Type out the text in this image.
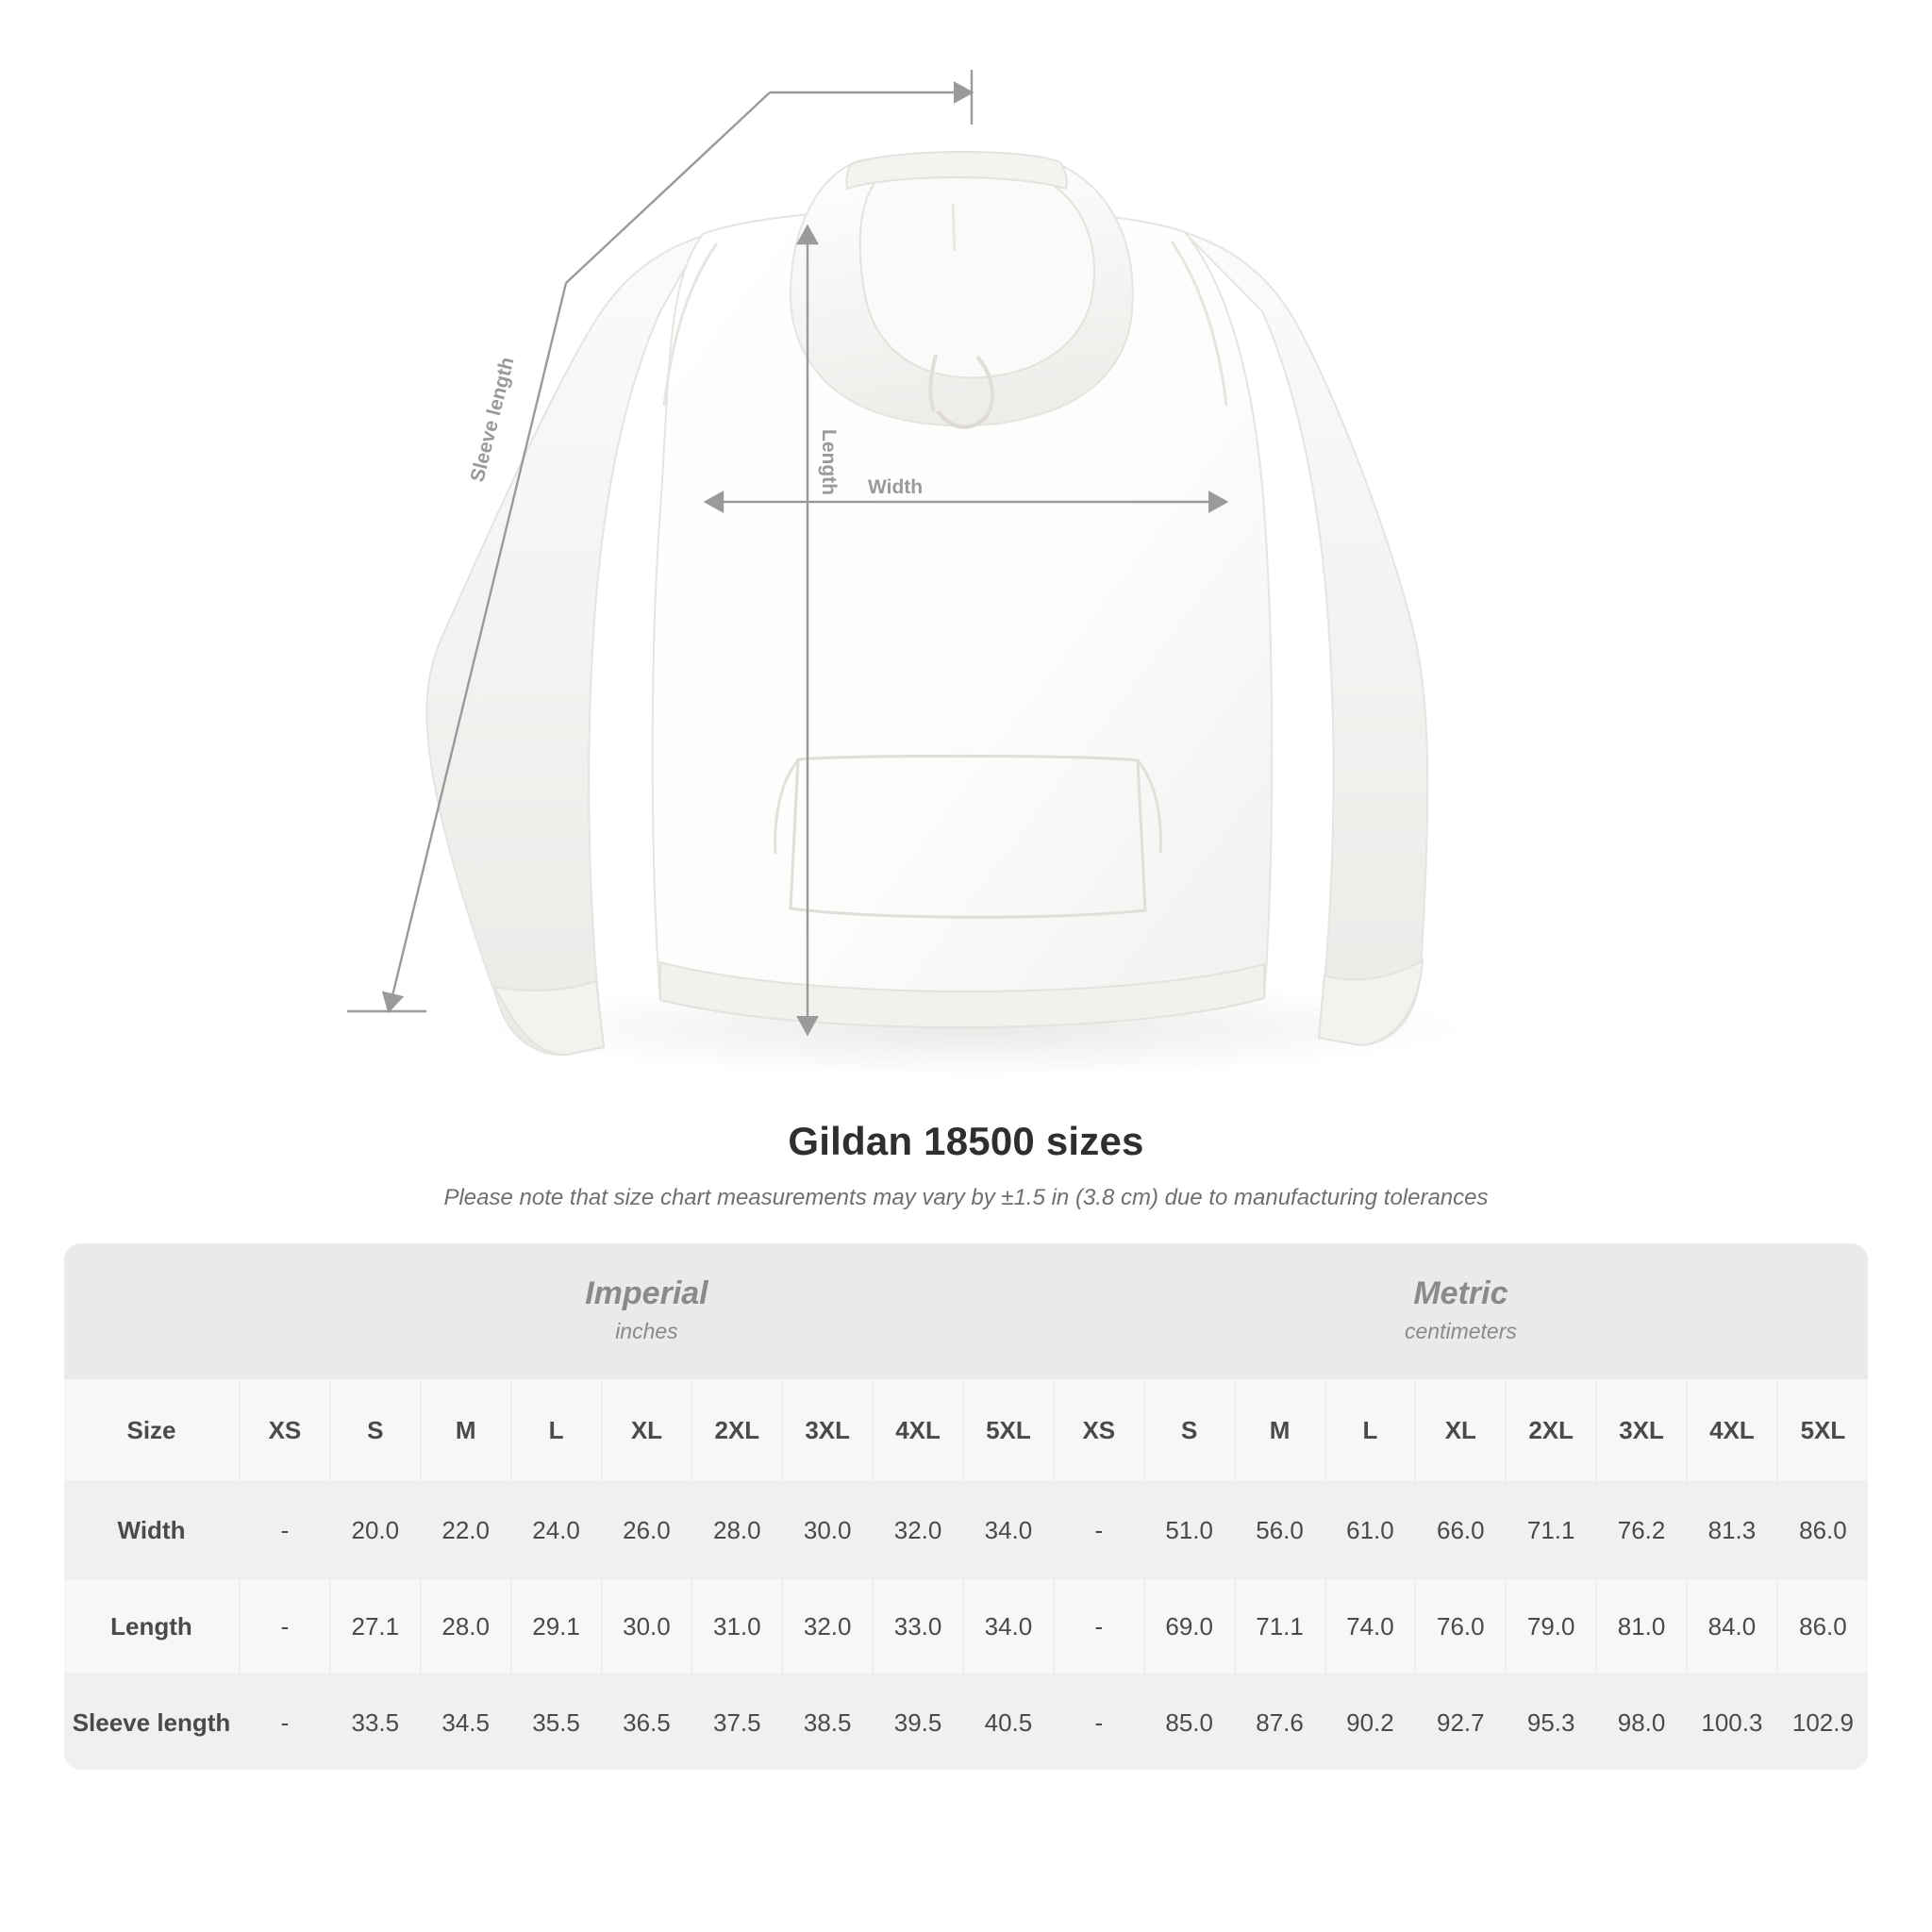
Length Width
Sleeve length
Gildan 18500 sizes
Please note that size chart measurements may vary by ±1.5 in (3.8 cm) due to manufacturing tolerances

Imperial
inches

Metric
centimeters

Size	XS	S	M	L	XL	2XL	3XL	4XL	5XL	XS	S	M	L	XL	2XL	3XL	4XL	5XL
Width	-	20.0	22.0	24.0	26.0	28.0	30.0	32.0	34.0	-	51.0	56.0	61.0	66.0	71.1	76.2	81.3	86.0
Length	-	27.1	28.0	29.1	30.0	31.0	32.0	33.0	34.0	-	69.0	71.1	74.0	76.0	79.0	81.0	84.0	86.0
Sleeve length	-	33.5	34.5	35.5	36.5	37.5	38.5	39.5	40.5	-	85.0	87.6	90.2	92.7	95.3	98.0	100.3	102.9
